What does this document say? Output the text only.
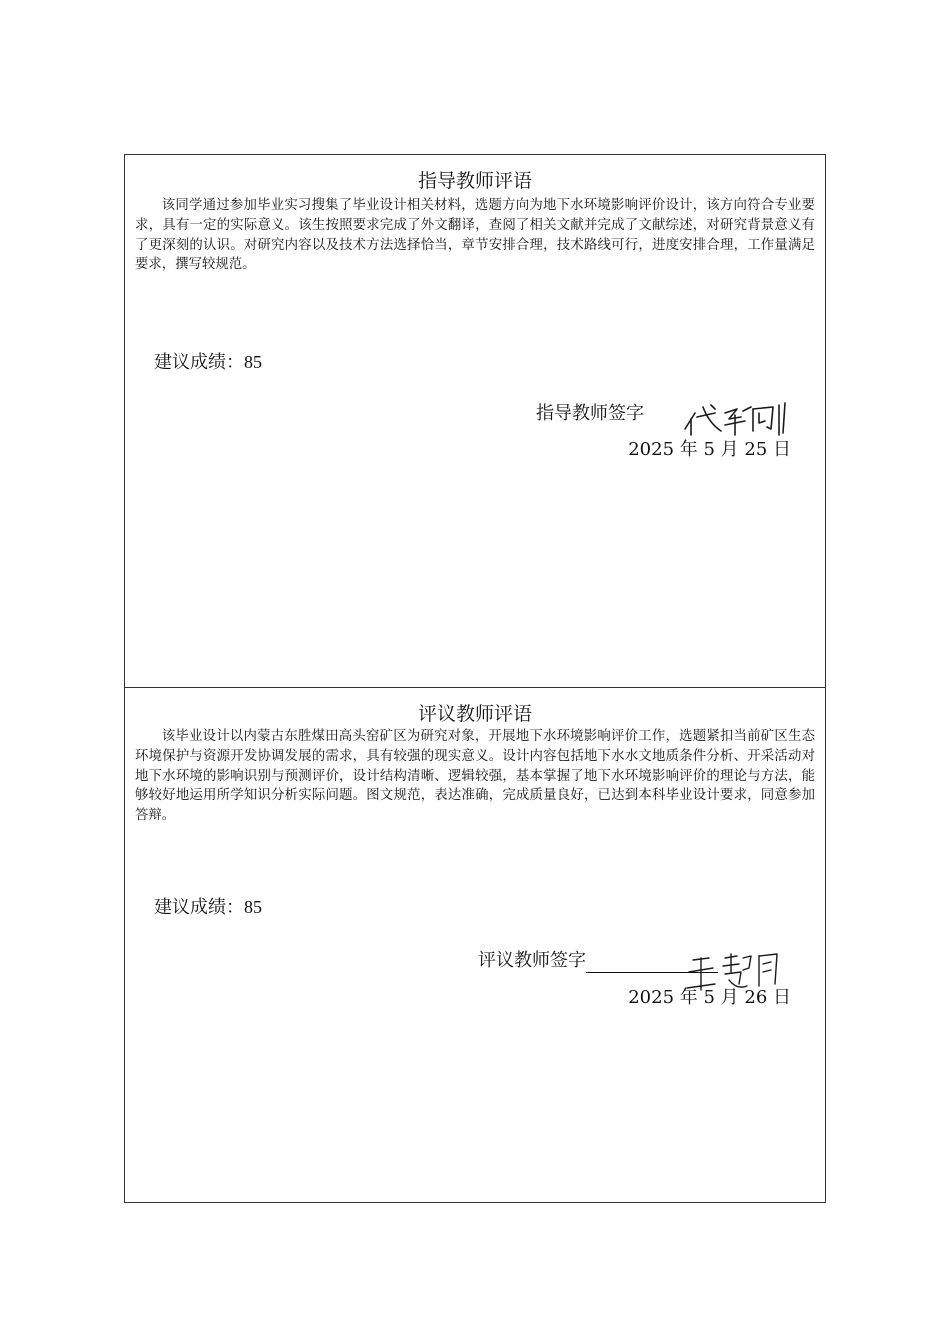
指导教师评语

该同学通过参加毕业实习搜集了毕业设计相关材料，选题方向为地下水环境影响评价设计，该方向符合专业要求，具有一定的实际意义。该生按照要求完成了外文翻译，查阅了相关文献并完成了文献综述，对研究背景意义有了更深刻的认识。对研究内容以及技术方法选择恰当，章节安排合理，技术路线可行，进度安排合理，工作量满足要求，撰写较规范。

建议成绩：85
指导教师签字
2025 年 5 月 25 日
评议教师评语

该毕业设计以内蒙古东胜煤田高头窑矿区为研究对象，开展地下水环境影响评价工作，选题紧扣当前矿区生态环境保护与资源开发协调发展的需求，具有较强的现实意义。设计内容包括地下水水文地质条件分析、开采活动对地下水环境的影响识别与预测评价，设计结构清晰、逻辑较强，基本掌握了地下水环境影响评价的理论与方法，能够较好地运用所学知识分析实际问题。图文规范，表达准确，完成质量良好，已达到本科毕业设计要求，同意参加答辩。

建议成绩：85
评议教师签字
2025 年 5 月 26 日
